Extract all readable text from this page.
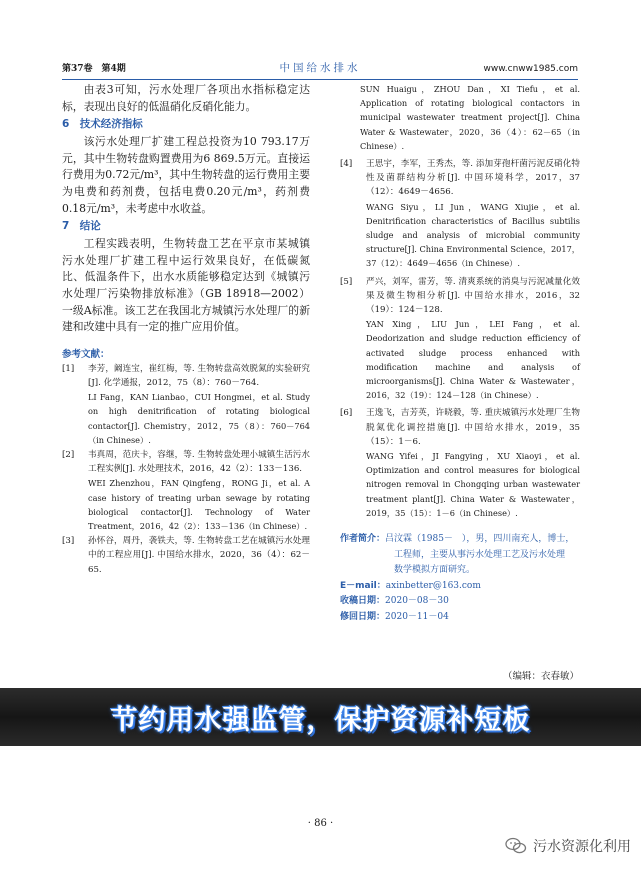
第37卷　第4期	中国给水排水	www.cnww1985.com

由表3可知，污水处理厂各项出水指标稳定达标，表现出良好的低温硝化反硝化能力。

6　技术经济指标

该污水处理厂扩建工程总投资为10 793.17万元，其中生物转盘购置费用为6 869.5万元。直接运行费用为0.72元/m³，其中生物转盘的运行费用主要为电费和药剂费，包括电费0.20元/m³，药剂费0.18元/m³，未考虑中水收益。

7　结论

工程实践表明，生物转盘工艺在平京市某城镇污水处理厂扩建工程中运行效果良好，在低碳氮比、低温条件下，出水水质能够稳定达到《城镇污水处理厂污染物排放标准》（GB 18918—2002）一级A标准。该工艺在我国北方城镇污水处理厂的新建和改建中具有一定的推广应用价值。

参考文献：
[1] 李芳，阚连宝，崔红梅，等. 生物转盘高效脱氮的实验研究[J]. 化学通报，2012，75（8）：760－764.
LI Fang，KAN Lianbao，CUI Hongmei，et al. Study on high denitrification of rotating biological contactor[J]. Chemistry，2012，75（8）：760－764（in Chinese）.
[2] 韦真周，范庆卡，容继，等. 生物转盘处理小城镇生活污水工程实例[J]. 水处理技术，2016，42（2）：133－136.
WEI Zhenzhou，FAN Qingfeng，RONG Ji，et al. A case history of treating urban sewage by rotating biological contactor[J]. Technology of Water Treatment，2016，42（2）：133－136（in Chinese）.
[3] 孙怀谷，周丹，袭铁夫，等. 生物转盘工艺在城镇污水处理中的工程应用[J]. 中国给水排水，2020，36（4）：62－65.
SUN Huaigu，ZHOU Dan，XI Tiefu，et al. Application of rotating biological contactors in municipal wastewater treatment project[J]. China Water & Wastewater，2020，36（4）：62－65（in Chinese）.
[4] 王思宇，李军，王秀杰，等. 添加芽孢杆菌污泥反硝化特性及菌群结构分析[J]. 中国环境科学，2017，37（12）：4649－4656.
WANG Siyu，LI Jun，WANG Xiujie，et al. Denitrification characteristics of Bacillus subtilis sludge and analysis of microbial community structure[J]. China Environmental Science，2017，37（12）：4649－4656（in Chinese）.
[5] 严兴，刘军，雷芳，等. 清爽系统的消臭与污泥减量化效果及微生物相分析[J]. 中国给水排水，2016，32（19）：124－128.
YAN Xing，LIU Jun，LEI Fang，et al. Deodorization and sludge reduction efficiency of activated sludge process enhanced with modification machine and analysis of microorganisms[J]. China Water & Wastewater，2016，32（19）：124－128（in Chinese）.
[6] 王逸飞，吉芳英，许晓毅，等. 重庆城镇污水处理厂生物脱氮优化调控措施[J]. 中国给水排水，2019，35（15）：1－6.
WANG Yifei，JI Fangying，XU Xiaoyi，et al. Optimization and control measures for biological nitrogen removal in Chongqing urban wastewater treatment plant[J]. China Water & Wastewater，2019，35（15）：1－6（in Chinese）.
作者简介：吕汶霖（1985－　），男，四川南充人，博士，
工程师，主要从事污水处理工艺及污水处理
数学模拟方面研究。
E－mail：axinbetter@163.com
收稿日期：2020－08－30
修回日期：2020－11－04
（编辑：衣春敏）
节约用水强监管，保护资源补短板
· 86 ·
污水资源化利用
